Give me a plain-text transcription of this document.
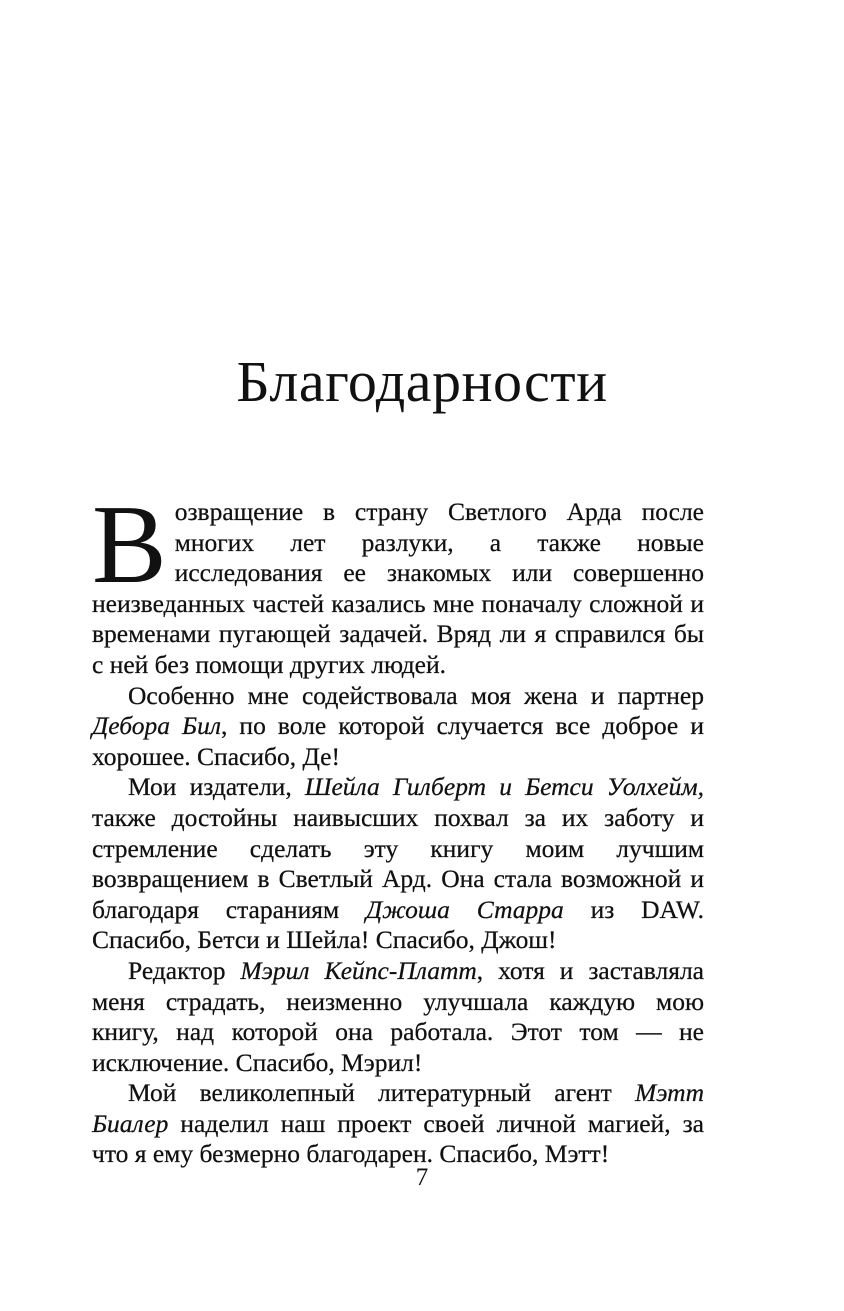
Благодарности

Возвращение в страну Светлого Арда после многих лет разлуки, а также новые исследования ее знакомых или совершенно неизведанных частей казались мне поначалу сложной и временами пугающей задачей. Вряд ли я справился бы с ней без помощи других людей.

Особенно мне содействовала моя жена и партнер Дебора Бил, по воле которой случается все доброе и хорошее. Спасибо, Де!

Мои издатели, Шейла Гилберт и Бетси Уолхейм, также достойны наивысших похвал за их заботу и стремление сделать эту книгу моим лучшим возвращением в Светлый Ард. Она стала возможной и благодаря стараниям Джоша Старра из DAW. Спасибо, Бетси и Шейла! Спасибо, Джош!

Редактор Мэрил Кейпс-Платт, хотя и заставляла меня страдать, неизменно улучшала каждую мою книгу, над которой она работала. Этот том — не исключение. Спасибо, Мэрил!

Мой великолепный литературный агент Мэтт Биалер наделил наш проект своей личной магией, за что я ему безмерно благодарен. Спасибо, Мэтт!

7
